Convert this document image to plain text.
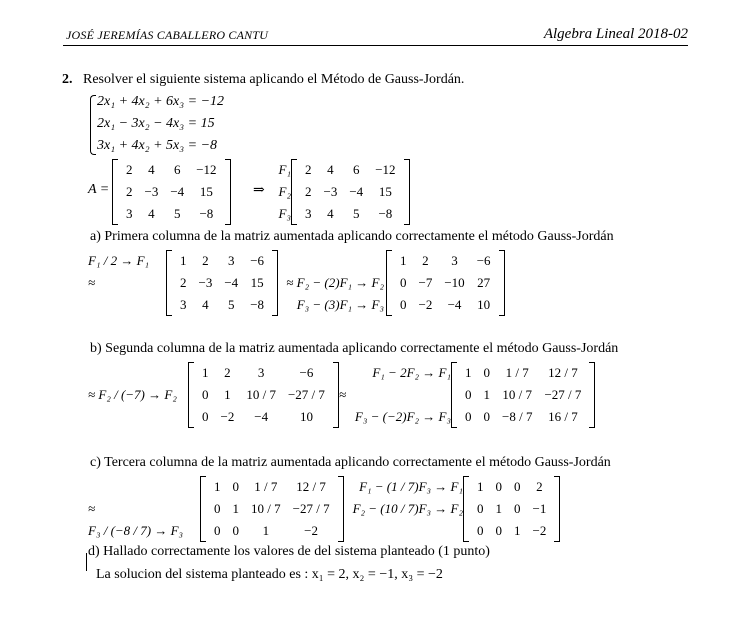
JOSÉ JEREMÍAS CABALLERO CANTU	Algebra Lineal 2018-02
2. Resolver el siguiente sistema aplicando el Método de Gauss-Jordán.
2x₁ + 4x₂ + 6x₃ = −12
2x₁ − 3x₂ − 4x₃ = 15
3x₁ + 4x₂ + 5x₃ = −8
A =
2	4	6	−12
2	−3	−4	15
3	4	5	−8
⇒
F₁
F₂
F₃
2	4	6	−12
2	−3	−4	15
3	4	5	−8
a) Primera columna de la matriz aumentada aplicando correctamente el método Gauss-Jordán
F₁ / 2 → F₁
≈
1	2	3	−6
2	−3	−4	15
3	4	5	−8
≈ F₂ − (2)F₁ → F₂
F₃ − (3)F₁ → F₃
1	2	3	−6
0	−7	−10	27
0	−2	−4	10
b) Segunda columna de la matriz aumentada aplicando correctamente el método Gauss-Jordán
≈ F₂ / (−7) → F₂
1	2	3	−6
0	1	10 / 7	−27 / 7
0	−2	−4	10
≈
F₁ − 2F₂ → F₁
F₃ − (−2)F₂ → F₃
1	0	1 / 7	12 / 7
0	1	10 / 7	−27 / 7
0	0	−8 / 7	16 / 7
c) Tercera columna de la matriz aumentada aplicando correctamente el método Gauss-Jordán
≈
F₃ / (−8 / 7) → F₃
1	0	1 / 7	12 / 7
0	1	10 / 7	−27 / 7
0	0	1	−2
F₁ − (1 / 7)F₃ → F₁
F₂ − (10 / 7)F₃ → F₂
1	0	0	2
0	1	0	−1
0	0	1	−2
d) Hallado correctamente los valores de del sistema planteado (1 punto)
La solucion del sistema planteado es : x₁ = 2, x₂ = −1, x₃ = −2
